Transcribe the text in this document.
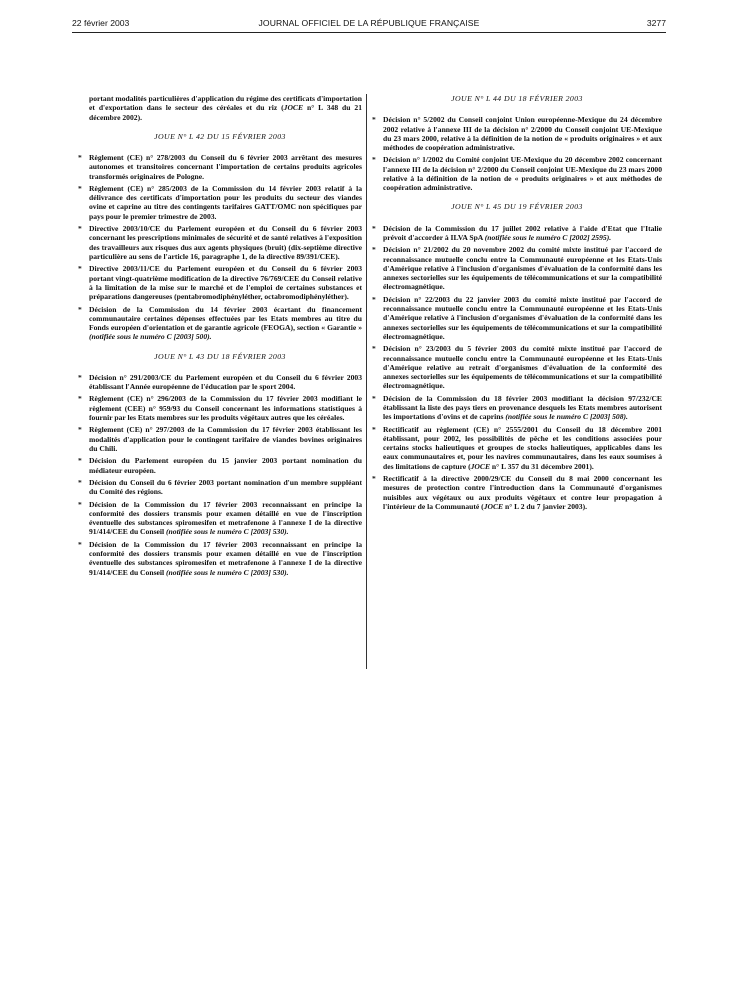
22 février 2003	JOURNAL OFFICIEL DE LA RÉPUBLIQUE FRANÇAISE	3277

portant modalités particulières d'application du régime des certificats d'importation et d'exportation dans le secteur des céréales et du riz (JOCE n° L 348 du 21 décembre 2002).

JOUE N° L 42 DU 15 FÉVRIER 2003

* Règlement (CE) n° 278/2003 du Conseil du 6 février 2003 arrêtant des mesures autonomes et transitoires concernant l'importation de certains produits agricoles transformés originaires de Pologne.

* Règlement (CE) n° 285/2003 de la Commission du 14 février 2003 relatif à la délivrance des certificats d'importation pour les produits du secteur des viandes ovine et caprine au titre des contingents tarifaires GATT/OMC non spécifiques par pays pour le premier trimestre de 2003.

* Directive 2003/10/CE du Parlement européen et du Conseil du 6 février 2003 concernant les prescriptions minimales de sécurité et de santé relatives à l'exposition des travailleurs aux risques dus aux agents physiques (bruit) (dix-septième directive particulière au sens de l'article 16, paragraphe 1, de la directive 89/391/CEE).

* Directive 2003/11/CE du Parlement européen et du Conseil du 6 février 2003 portant vingt-quatrième modification de la directive 76/769/CEE du Conseil relative à la limitation de la mise sur le marché et de l'emploi de certaines substances et préparations dangereuses (pentabromodiphényléther, octabromodiphényléther).

* Décision de la Commission du 14 février 2003 écartant du financement communautaire certaines dépenses effectuées par les Etats membres au titre du Fonds européen d'orientation et de garantie agricole (FEOGA), section « Garantie » (notifiée sous le numéro C [2003] 500).

JOUE N° L 43 DU 18 FÉVRIER 2003

* Décision n° 291/2003/CE du Parlement européen et du Conseil du 6 février 2003 établissant l'Année européenne de l'éducation par le sport 2004.

* Règlement (CE) n° 296/2003 de la Commission du 17 février 2003 modifiant le règlement (CEE) n° 959/93 du Conseil concernant les informations statistiques à fournir par les Etats membres sur les produits végétaux autres que les céréales.

* Règlement (CE) n° 297/2003 de la Commission du 17 février 2003 établissant les modalités d'application pour le contingent tarifaire de viandes bovines originaires du Chili.

* Décision du Parlement européen du 15 janvier 2003 portant nomination du médiateur européen.

* Décision du Conseil du 6 février 2003 portant nomination d'un membre suppléant du Comité des régions.

* Décision de la Commission du 17 février 2003 reconnaissant en principe la conformité des dossiers transmis pour examen détaillé en vue de l'inscription éventuelle des substances spiromesifen et metrafenone à l'annexe I de la directive 91/414/CEE du Conseil (notifiée sous le numéro C [2003] 530).

* Décision de la Commission du 17 février 2003 reconnaissant en principe la conformité des dossiers transmis pour examen détaillé en vue de l'inscription éventuelle des substances spiromesifen et metrafenone à l'annexe I de la directive 91/414/CEE du Conseil (notifiée sous le numéro C [2003] 530).

JOUE N° L 44 DU 18 FÉVRIER 2003

* Décision n° 5/2002 du Conseil conjoint Union européenne-Mexique du 24 décembre 2002 relative à l'annexe III de la décision n° 2/2000 du Conseil conjoint UE-Mexique du 23 mars 2000, relative à la définition de la notion de « produits originaires » et aux méthodes de coopération administrative.

* Décision n° 1/2002 du Comité conjoint UE-Mexique du 20 décembre 2002 concernant l'annexe III de la décision n° 2/2000 du Conseil conjoint UE-Mexique du 23 mars 2000 relative à la définition de la notion de « produits originaires » et aux méthodes de coopération administrative.

JOUE N° L 45 DU 19 FÉVRIER 2003

* Décision de la Commission du 17 juillet 2002 relative à l'aide d'Etat que l'Italie prévoit d'accorder à ILVA SpA (notifiée sous le numéro C [2002] 2595).

* Décision n° 21/2002 du 20 novembre 2002 du comité mixte institué par l'accord de reconnaissance mutuelle conclu entre la Communauté européenne et les Etats-Unis d'Amérique relative à l'inclusion d'organismes d'évaluation de la conformité dans les annexes sectorielles sur les équipements de télécommunications et sur la compatibilité électromagnétique.

* Décision n° 22/2003 du 22 janvier 2003 du comité mixte institué par l'accord de reconnaissance mutuelle conclu entre la Communauté européenne et les Etats-Unis d'Amérique relative à l'inclusion d'organismes d'évaluation de la conformité dans les annexes sectorielles sur les équipements de télécommunications et sur la compatibilité électromagnétique.

* Décision n° 23/2003 du 5 février 2003 du comité mixte institué par l'accord de reconnaissance mutuelle conclu entre la Communauté européenne et les Etats-Unis d'Amérique relative au retrait d'organismes d'évaluation de la conformité des annexes sectorielles sur les équipements de télécommunications et sur la compatibilité électromagnétique.

* Décision de la Commission du 18 février 2003 modifiant la décision 97/232/CE établissant la liste des pays tiers en provenance desquels les Etats membres autorisent les importations d'ovins et de caprins (notifiée sous le numéro C [2003] 508).

* Rectificatif au règlement (CE) n° 2555/2001 du Conseil du 18 décembre 2001 établissant, pour 2002, les possibilités de pêche et les conditions associées pour certains stocks halieutiques et groupes de stocks halieutiques, applicables dans les eaux communautaires et, pour les navires communautaires, dans les eaux soumises à des limitations de capture (JOCE n° L 357 du 31 décembre 2001).

* Rectificatif à la directive 2000/29/CE du Conseil du 8 mai 2000 concernant les mesures de protection contre l'introduction dans la Communauté d'organismes nuisibles aux végétaux ou aux produits végétaux et contre leur propagation à l'intérieur de la Communauté (JOCE n° L 2 du 7 janvier 2003).
